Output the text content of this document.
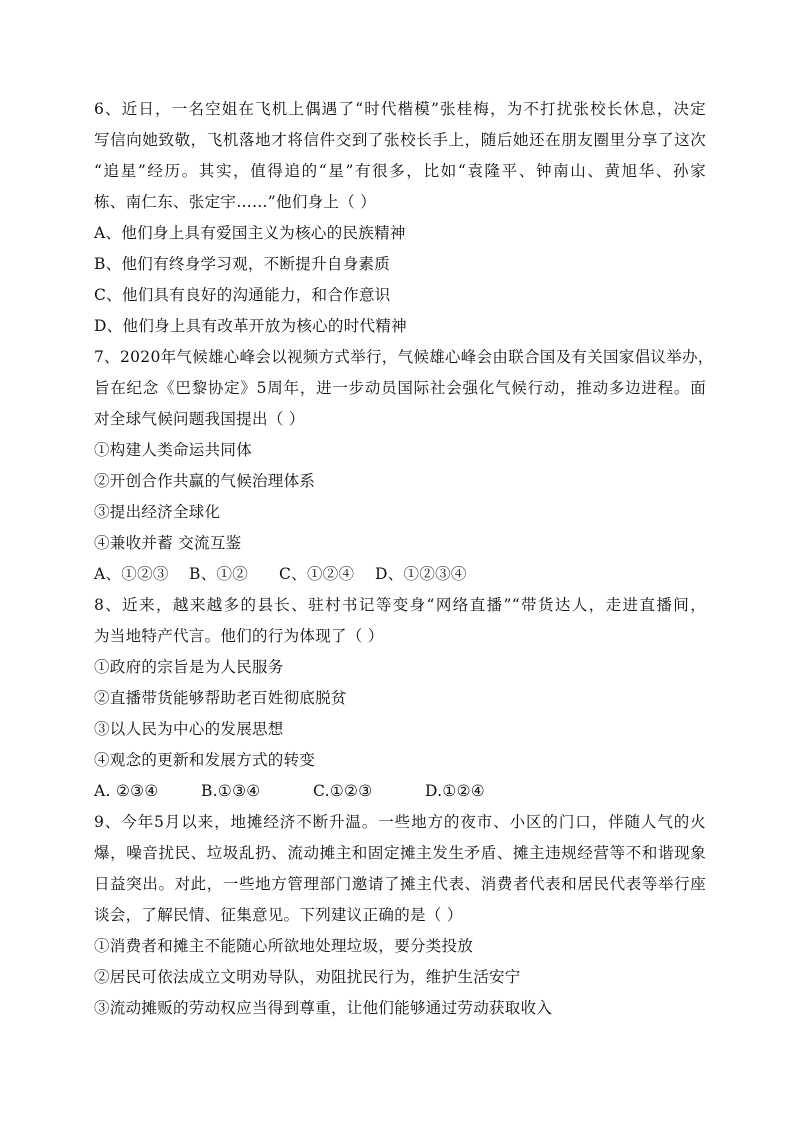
6、近日，一名空姐在飞机上偶遇了“时代楷模”张桂梅，为不打扰张校长休息，决定
写信向她致敬，飞机落地才将信件交到了张校长手上，随后她还在朋友圈里分享了这次
“追星”经历。其实，值得追的“星”有很多，比如“袁隆平、钟南山、黄旭华、孙家
栋、南仁东、张定宇……”他们身上（ ）
A、他们身上具有爱国主义为核心的民族精神
B、他们有终身学习观，不断提升自身素质
C、他们具有良好的沟通能力，和合作意识
D、他们身上具有改革开放为核心的时代精神
7、2020年气候雄心峰会以视频方式举行，气候雄心峰会由联合国及有关国家倡议举办，
旨在纪念《巴黎协定》5周年，进一步动员国际社会强化气候行动，推动多边进程。面
对全球气候问题我国提出（ ）
①构建人类命运共同体
②开创合作共赢的气候治理体系
③提出经济全球化
④兼收并蓄 交流互鉴
A、①②③	B、①②	C、①②④	D、①②③④
8、近来，越来越多的县长、驻村书记等变身“网络直播”“带货达人，走进直播间，
为当地特产代言。他们的行为体现了（ ）
①政府的宗旨是为人民服务
②直播带货能够帮助老百姓彻底脱贫
③以人民为中心的发展思想
④观念的更新和发展方式的转变
A. ②③④	B.①③④	C.①②③	D.①②④
9、今年5月以来，地摊经济不断升温。一些地方的夜市、小区的门口，伴随人气的火
爆，噪音扰民、垃圾乱扔、流动摊主和固定摊主发生矛盾、摊主违规经营等不和谐现象
日益突出。对此，一些地方管理部门邀请了摊主代表、消费者代表和居民代表等举行座
谈会，了解民情、征集意见。下列建议正确的是（ ）
①消费者和摊主不能随心所欲地处理垃圾，要分类投放
②居民可依法成立文明劝导队，劝阻扰民行为，维护生活安宁
③流动摊贩的劳动权应当得到尊重，让他们能够通过劳动获取收入
